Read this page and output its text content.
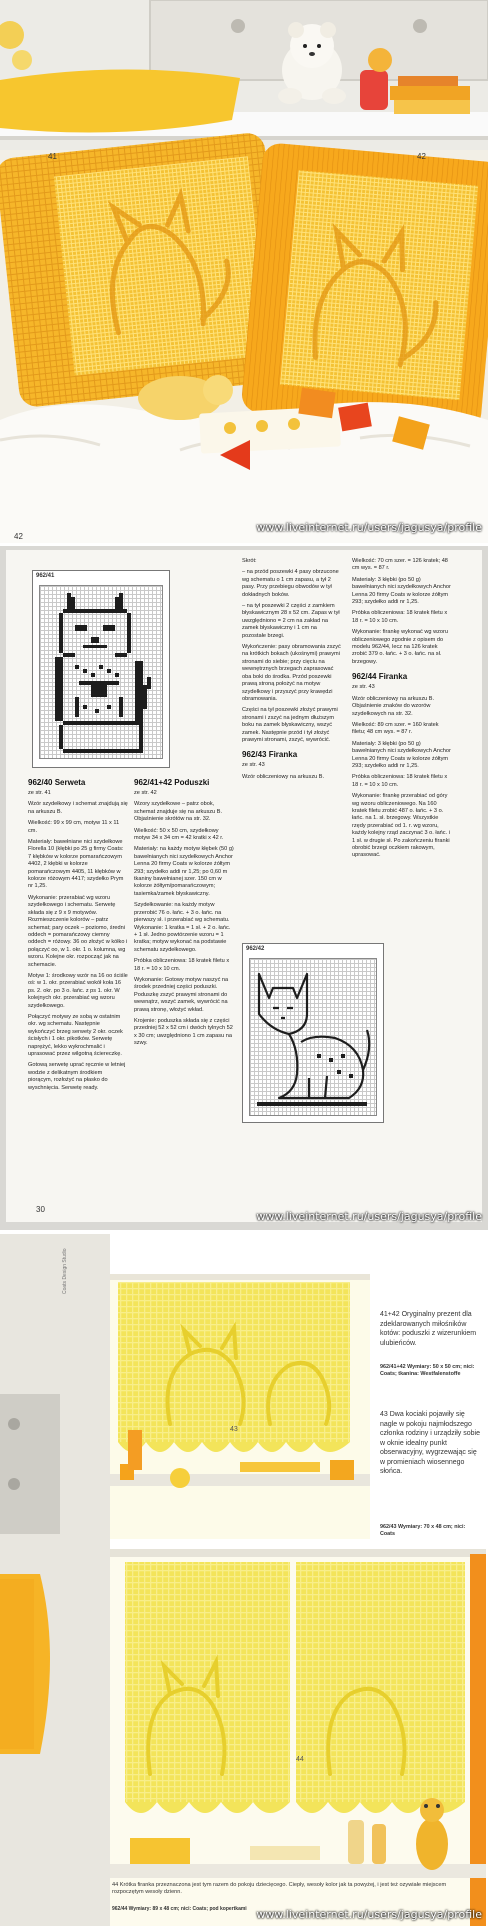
41	42
42
www.liveinternet.ru/users/jagusya/profile
962/41
962/42
962/40 Serweta

ze str. 41

Wzór szydełkowy i schemat znajdują się na arkuszu B.

Wielkość: 99 x 99 cm, motyw 11 x 11 cm.

Materiały: bawełniane nici szydełkowe Florella 10 (kłębki po 25 g firmy Coats: 7 kłębków w kolorze pomarańczowym 4402, 2 kłębki w kolorze pomarańczowym 4405, 11 kłębków w kolorze różowym 4417; szydełko Prym nr 1,25.

Wykonanie: przerabiać wg wzoru szydełkowego i schematu. Serwetę składa się z 9 x 9 motywów. Rozmieszczenie kolorów – patrz schemat; pary oczek – poziomo, średni oddech = pomarańczowy ciemny oddech = różowy. 36 oo złożyć w kółko i połączyć oo, w 1. okr. 1 o. kolumna, wg wzoru. Kolejne okr. rozpocząć jak na schemacie.

Motyw 1: środkowy wzór na 16 oo ściśle oś: w 1. okr. przerabiać wokół koła 16 ps. 2. okr. po 3 o. łańc. z ps 1. okr. W kolejnych okr. przerabiać wg wzoru szydełkowego.

Połączyć motywy ze sobą w ostatnim okr. wg schematu. Następnie wykończyć brzeg serwety 2 okr. oczek ścisłych i 1 okr. pikotków. Serwetę naprężyć, lekko wykrochmalić i uprasować przez wilgotną ściereczkę.

Gotową serwetę uprać ręcznie w letniej wodzie z delikatnym środkiem piorącym, rozłożyć na płasko do wyschnięcia. Serwetę ready.

962/41+42 Poduszki

ze str. 42

Wzory szydełkowe – patrz obok, schemat znajduje się na arkuszu B. Objaśnienie skrótów na str. 32.

Wielkość: 50 x 50 cm, szydełkowy motyw 34 x 34 cm = 42 kratki x 42 r.

Materiały: na każdy motyw kłębek (50 g) bawełnianych nici szydełkowych Anchor Lenna 20 firmy Coats w kolorze żółtym 293; szydełko addi nr 1,25; po 0,60 m tkaniny bawełnianej szer. 150 cm w kolorze żółtym/pomarańczowym; tasiemka/zamek błyskawiczny.

Szydełkowanie: na każdy motyw przerobić 76 o. łańc. + 3 o. łańc. na pierwszy sł. i przerabiać wg schematu. Wykonanie: 1 kratka = 1 sł. + 2 o. łańc. + 1 sł. Jedno powtórzenie wzoru = 1 kratka; motyw wykonać na podstawie schematu szydełkowego.

Próbka obliczeniowa: 18 kratek filetu x 18 r. = 10 x 10 cm.

Wykonanie: Gotowy motyw naszyć na środek przedniej części poduszki. Poduszkę zszyć prawymi stronami do wewnątrz, wszyć zamek, wywrócić na prawą stronę, włożyć wkład.

Krojenie: poduszka składa się z części przedniej 52 x 52 cm i dwóch tylnych 52 x 30 cm; uwzględniono 1 cm zapasu na szwy.

Skrót:

– na przód poszewki 4 pasy obrzucone wg schematu o 1 cm zapasu, a tył 2 pasy. Przy przebiegu obwodów w tył dokładnych boków.

– na tył poszewki 2 części z zamkiem błyskawicznym 28 x 52 cm. Zapas w tył uwzględniono = 2 cm na zakład na zamek błyskawiczny i 1 cm na pozostałe brzegi.

Wykończenie: pasy obramowania zszyć na krótkich bokach (ukośnymi) prawymi stronami do siebie; przy cięciu na wewnętrznych brzegach zaprasować oba boki do środka. Przód poszewki prawą stroną położyć na motyw szydełkowy i przyszyć przy krawędzi obramowania.

Części na tył poszewki złożyć prawymi stronami i zszyć na jednym dłuższym boku na zamek błyskawiczny, wszyć zamek. Następnie przód i tył złożyć prawymi stronami, zszyć, wywrócić.

962/43 Firanka

ze str. 43

Wzór obliczeniowy na arkuszu B.

Wielkość: 70 cm szer. = 126 kratek; 48 cm wys. = 87 r.

Materiały: 3 kłębki (po 50 g) bawełnianych nici szydełkowych Anchor Lenna 20 firmy Coats w kolorze żółtym 293; szydełko addi nr 1,25.

Próbka obliczeniowa: 18 kratek filetu x 18 r. = 10 x 10 cm.

Wykonanie: firankę wykonać wg wzoru obliczeniowego zgodnie z opisem do modelu 962/44, lecz na 126 kratek zrobić 379 o. łańc. + 3 o. łańc. na sł. brzegowy.

962/44 Firanka

ze str. 43

Wzór obliczeniowy na arkuszu B. Objaśnienie znaków do wzorów szydełkowych na str. 32.

Wielkość: 89 cm szer. = 160 kratek filetu; 48 cm wys. = 87 r.

Materiały: 3 kłębki (po 50 g) bawełnianych nici szydełkowych Anchor Lenna 20 firmy Coats w kolorze żółtym 293; szydełko addi nr 1,25.

Próbka obliczeniowa: 18 kratek filetu x 18 r. = 10 x 10 cm.

Wykonanie: firankę przerabiać od góry wg wzoru obliczeniowego. Na 160 kratek filetu zrobić 487 o. łańc. + 3 o. łańc. na 1. sł. brzegowy. Wszystkie rzędy przerabiać od 1. r. wg wzoru, każdy kolejny rząd zaczynać 3 o. łańc. i 1 sł. w drugie sł. Po zakończeniu firanki obrobić brzegi oczkiem rakowym, uprasować.

30
www.liveinternet.ru/users/jagusya/profile
41+42 Oryginalny prezent dla zdeklarowanych miłośników kotów: poduszki z wizerunkiem ulubieńców.
962/41+42 Wymiary: 50 x 50 cm; nici: Coats; tkanina: Westfalenstoffe
43 Dwa kociaki pojawiły się nagle w pokoju najmłodszego członka rodziny i urządziły sobie w oknie idealny punkt obserwacyjny, wygrzewając się w promieniach wiosennego słońca.
962/43 Wymiary: 70 x 48 cm; nici: Coats
43
44
Coats Design Studio
44 Krótka firanka przeznaczona jest tym razem do pokoju dziecięcego. Ciepły, wesoły kolor jak ta powyżej, i jest też ozywiałe miejscem rozpoczętym wesoły dzienn.
962/44 Wymiary: 89 x 48 cm; nici: Coats; pod kopertkami www.liveinternet.ru/users/jagusya/profile
